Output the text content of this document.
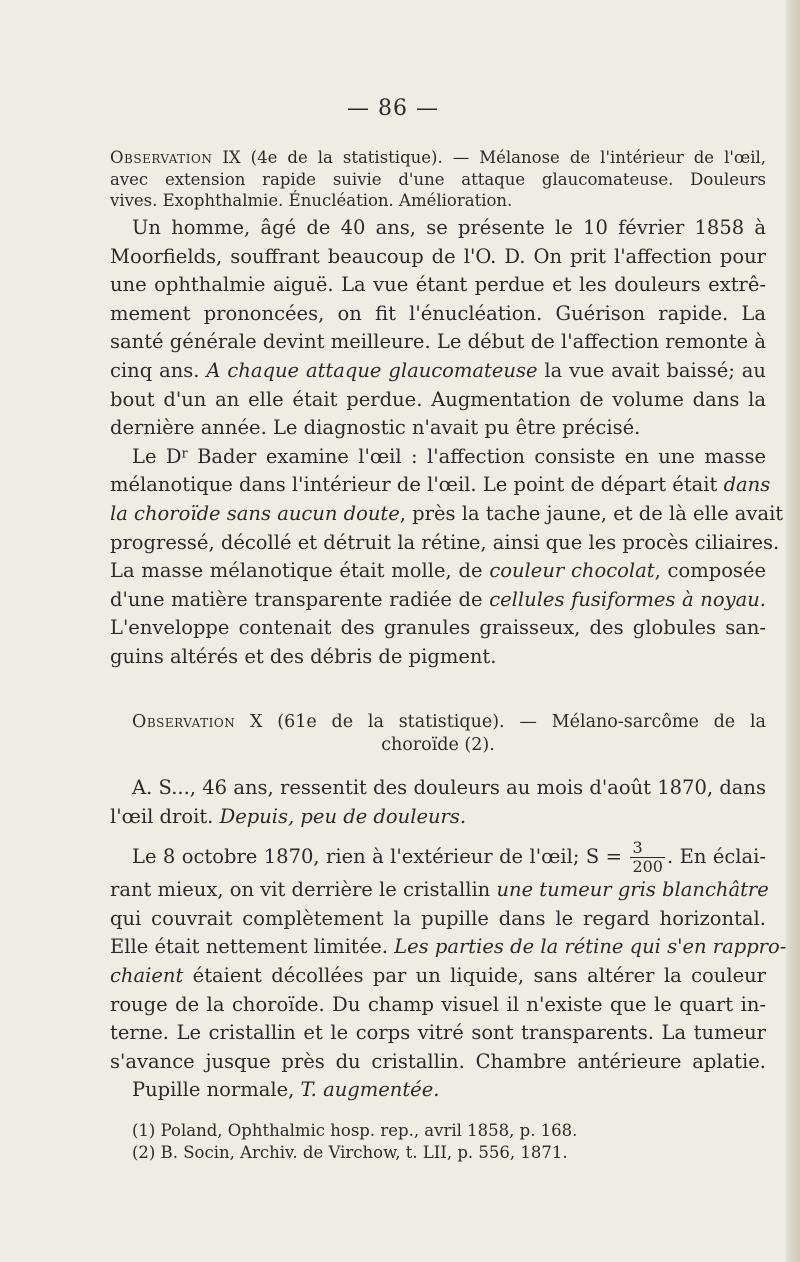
— 86 —
Observation IX (4e de la statistique). — Mélanose de l'intérieur de l'œil,
avec extension rapide suivie d'une attaque glaucomateuse. Douleurs
vives. Exophthalmie. Énucléation. Amélioration.
Un homme, âgé de 40 ans, se présente le 10 février 1858 à
Moorfields, souffrant beaucoup de l'O. D. On prit l'affection pour
une ophthalmie aiguë. La vue étant perdue et les douleurs extrê-
mement prononcées, on fit l'énucléation. Guérison rapide. La
santé générale devint meilleure. Le début de l'affection remonte à
cinq ans. A chaque attaque glaucomateuse la vue avait baissé; au
bout d'un an elle était perdue. Augmentation de volume dans la
dernière année. Le diagnostic n'avait pu être précisé.
Le $D^r$ Bader examine l'œil : l'affection consiste en une masse
mélanotique dans l'intérieur de l'œil. Le point de départ était dans
la choroïde sans aucun doute, près la tache jaune, et de là elle avait
progressé, décollé et détruit la rétine, ainsi que les procès ciliaires.
La masse mélanotique était molle, de couleur chocolat, composée
d'une matière transparente radiée de cellules fusiformes à noyau.
L'enveloppe contenait des granules graisseux, des globules san-
guins altérés et des débris de pigment.
Observation X (61e de la statistique). — Mélano-sarcôme de la
choroïde (2).
A. S..., 46 ans, ressentit des douleurs au mois d'août 1870, dans
l'œil droit. Depuis, peu de douleurs.
Le 8 octobre 1870, rien à l'extérieur de l'œil; $S = \frac{3}{200}$ . En éclai-
rant mieux, on vit derrière le cristallin une tumeur gris blanchâtre
qui couvrait complètement la pupille dans le regard horizontal.
Elle était nettement limitée. Les parties de la rétine qui s'en rappro-
chaient étaient décollées par un liquide, sans altérer la couleur
rouge de la choroïde. Du champ visuel il n'existe que le quart in-
terne. Le cristallin et le corps vitré sont transparents. La tumeur
s'avance jusque près du cristallin. Chambre antérieure aplatie.
Pupille normale, T. augmentée.
(1) Poland, Ophthalmic hosp. rep., avril 1858, p. 168.
(2) B. Socin, Archiv. de Virchow, t. LII, p. 556, 1871.
